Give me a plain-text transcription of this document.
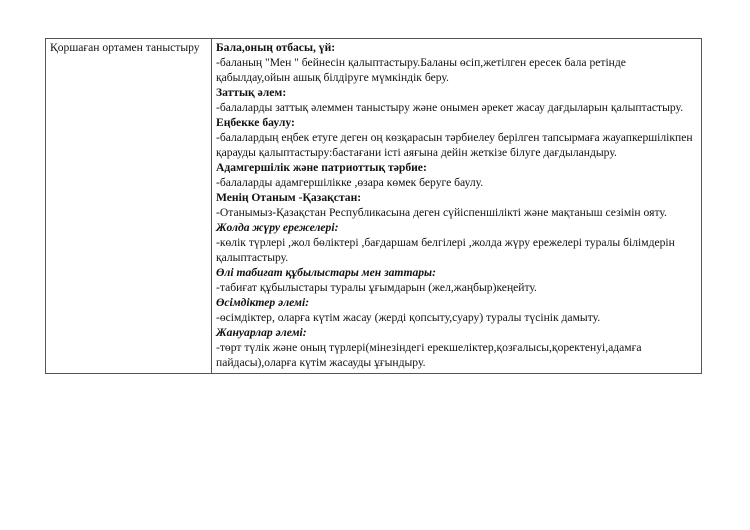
Қоршаған ортамен таныстыру	Бала,оның отбасы, үй:
-баланың "Мен " бейнесін қалыптастыру.Баланы өсіп,жетілген ересек бала ретінде қабылдау,ойын ашық білдіруге мүмкіндік беру.
Заттық әлем:
-балаларды заттық әлеммен таныстыру және онымен әрекет жасау дағдыларын қалыптастыру.
Еңбекке баулу:
-балалардың еңбек етуге деген оң көзқарасын тәрбиелеу берілген тапсырмаға жауапкершілікпен қарауды қалыптастыру:бастағани істі аяғына дейін жеткізе білуге дағдыландыру.
Адамгершілік және патриоттық тәрбие:
-балаларды адамгершілікке ,өзара көмек беруге баулу.
Менің Отаным -Қазақстан:
-Отанымыз-Қазақстан Республикасына деген сүйіспеншілікті және мақтаныш сезімін ояту.
Жолда жүру ережелері:
-көлік түрлері ,жол бөліктері ,бағдаршам белгілері ,жолда жүру ережелері туралы білімдерін қалыптастыру.
Өлі табиғат құбылыстары мен заттары:
-табиғат құбылыстары туралы ұғымдарын (жел,жаңбыр)кеңейту.
Өсімдіктер әлемі:
-өсімдіктер, оларға күтім жасау (жерді қопсыту,суару) туралы түсінік дамыту.
Жануарлар әлемі:
-төрт түлік және оның түрлері(мінезіндегі ерекшеліктер,қозғалысы,қоректенуі,адамға пайдасы),оларға күтім жасауды ұғындыру.
